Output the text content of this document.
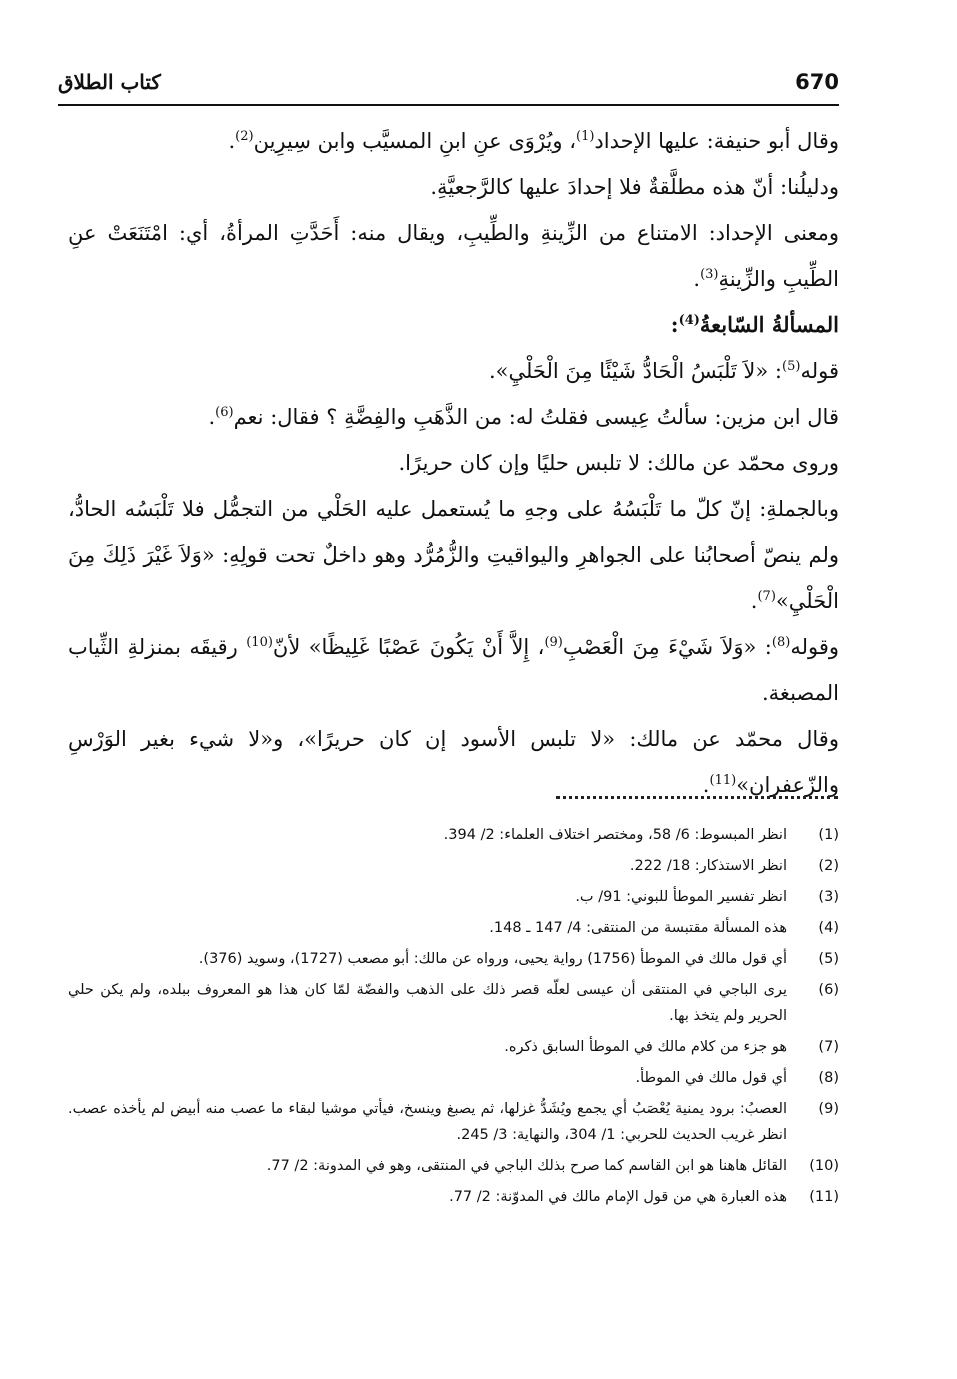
670
كتاب الطلاق

وقال أبو حنيفة: عليها الإحداد$^{(1)}$، ويُرْوَى عنِ ابنِ المسيَّب وابن سِيرِين$^{(2)}$.

ودليلُنا: أنّ هذه مطلَّقةٌ فلا إحدادَ عليها كالرَّجعيَّةِ.

ومعنى الإحداد: الامتناع من الزِّينةِ والطِّيبِ، ويقال منه: أَحَدَّتِ المرأةُ، أي: امْتَنَعَتْ عنِ الطِّيبِ والزِّينةِ$^{(3)}$.

المسألةُ السّابعةُ$^{(4)}$:

قوله$^{(5)}$: «لاَ تَلْبَسُ الْحَادُّ شَيْئًا مِنَ الْحَلْيِ».

قال ابن مزين: سألتُ عِيسى فقلتُ له: من الذَّهَبِ والفِضَّةِ ؟ فقال: نعم$^{(6)}$.

وروى محمّد عن مالك: لا تلبس حليًا وإن كان حريرًا.

وبالجملةِ: إنّ كلّ ما تَلْبَسُهُ على وجهِ ما يُستعمل عليه الحَلْي من التجمُّل فلا تَلْبَسُه الحادُّ، ولم ينصّ أصحابُنا على الجواهرِ واليواقيتِ والزُّمُرُّد وهو داخلٌ تحت قولِهِ: «وَلاَ غَيْرَ ذَلِكَ مِنَ الْحَلْيِ»$^{(7)}$.

وقوله$^{(8)}$: «وَلاَ شَيْءَ مِنَ الْعَصْبِ$^{(9)}$، إِلاَّ أَنْ يَكُونَ عَصْبًا غَلِيظًا» لأنّ$^{(10)}$ رقيقَه بمنزلةِ الثِّياب المصبغة.

وقال محمّد عن مالك: «لا تلبس الأسود إن كان حريرًا»، و«لا شيء بغير الوَرْسِ والزّعفران»$^{(11)}$.

(1)
انظر المبسوط: 6/ 58، ومختصر اختلاف العلماء: 2/ 394.
(2)
انظر الاستذكار: 18/ 222.
(3)
انظر تفسير الموطأ للبوني: 91/ ب.
(4)
هذه المسألة مقتبسة من المنتقى: 4/ 147 ـ 148.
(5)
أي قول مالك في الموطأ (1756) رواية يحيى، ورواه عن مالك: أبو مصعب (1727)، وسويد (376).
(6)
يرى الباجي في المنتقى أن عيسى لعلّه قصر ذلك على الذهب والفضّة لمّا كان هذا هو المعروف ببلده، ولم يكن حلي الحرير ولم يتخذ بها.
(7)
هو جزء من كلام مالك في الموطأ السابق ذكره.
(8)
أي قول مالك في الموطأ.
(9)
العصبُ: برود يمنية يُعْصَبُ أي يجمع ويُشَدُّ غزلها، ثم يصبغ وينسخ، فيأتي موشيا لبقاء ما عصب منه أبيض لم يأخذه عصب. انظر غريب الحديث للحربي: 1/ 304، والنهاية: 3/ 245.
(10)
القائل هاهنا هو ابن القاسم كما صرح بذلك الباجي في المنتقى، وهو في المدونة: 2/ 77.
(11)
هذه العبارة هي من قول الإمام مالك في المدوّنة: 2/ 77.
